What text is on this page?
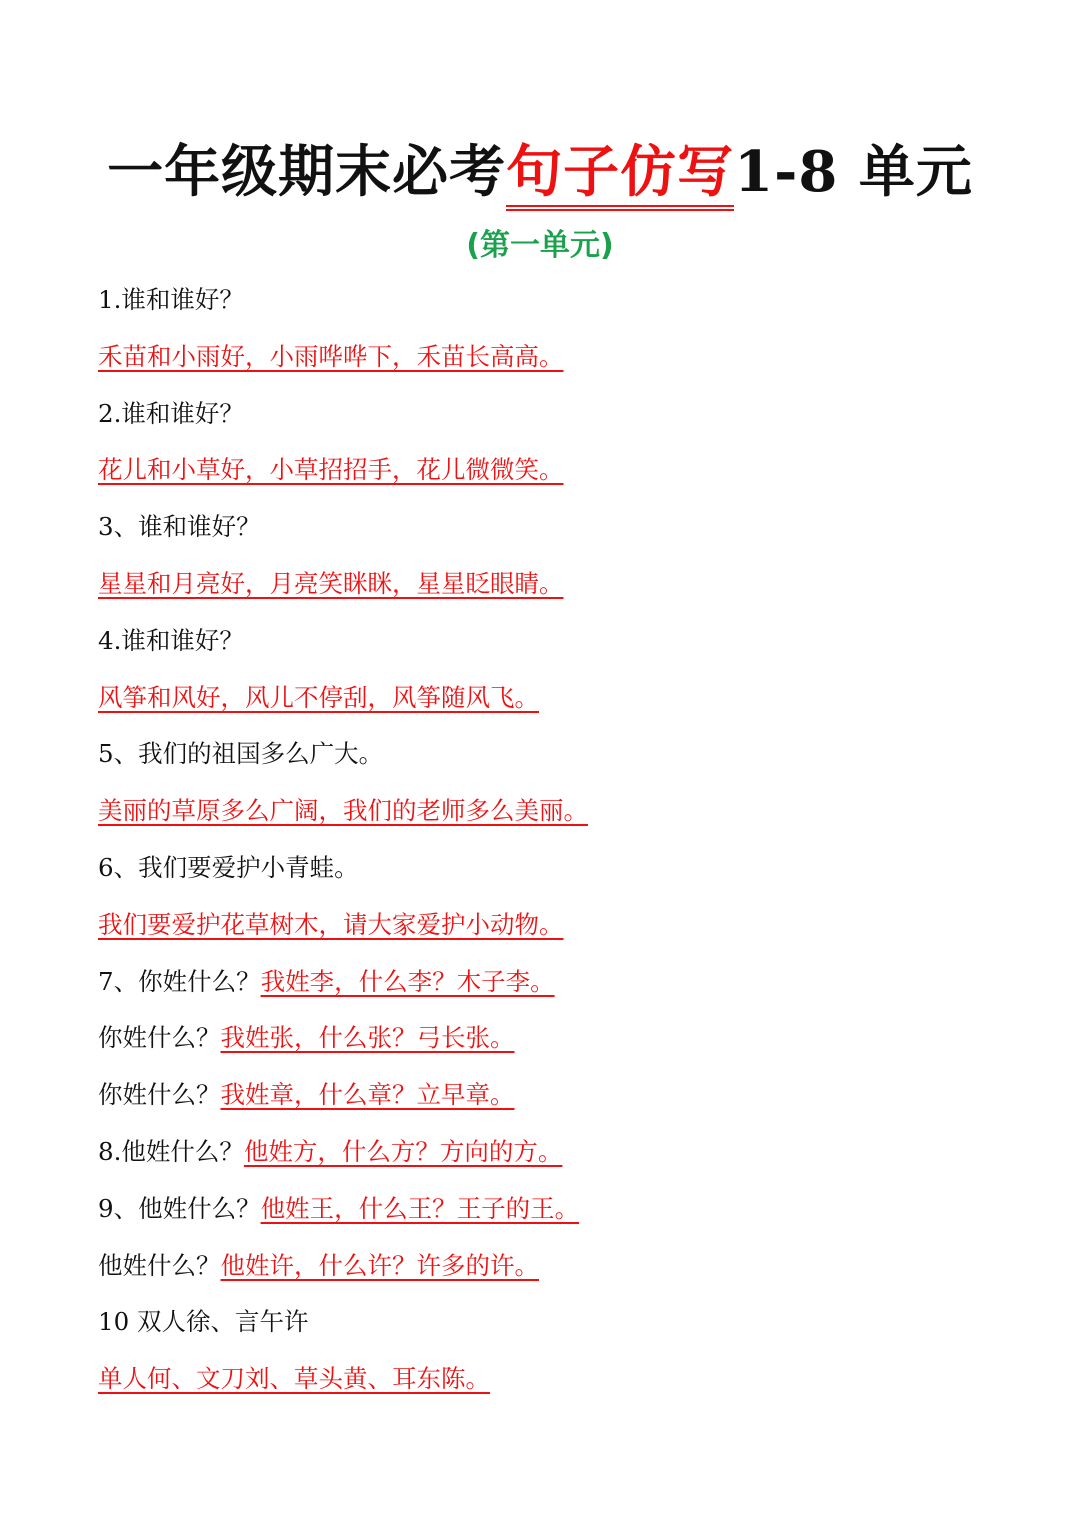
一年级期末必考句子仿写1-8 单元
(第一单元)
1.谁和谁好？
禾苗和小雨好，小雨哗哗下，禾苗长高高。
2.谁和谁好？
花儿和小草好，小草招招手，花儿微微笑。
3、谁和谁好？
星星和月亮好，月亮笑眯眯，星星眨眼睛。
4.谁和谁好？
风筝和风好，风儿不停刮，风筝随风飞。
5、我们的祖国多么广大。
美丽的草原多么广阔，我们的老师多么美丽。
6、我们要爱护小青蛙。
我们要爱护花草树木，请大家爱护小动物。
7、你姓什么？我姓李，什么李？木子李。
你姓什么？我姓张，什么张？弓长张。
你姓什么？我姓章，什么章？立早章。
8.他姓什么？他姓方，什么方？方向的方。
9、他姓什么？他姓王，什么王？王子的王。
他姓什么？他姓许，什么许？许多的许。
10 双人徐、言午许
单人何、文刀刘、草头黄、耳东陈。
